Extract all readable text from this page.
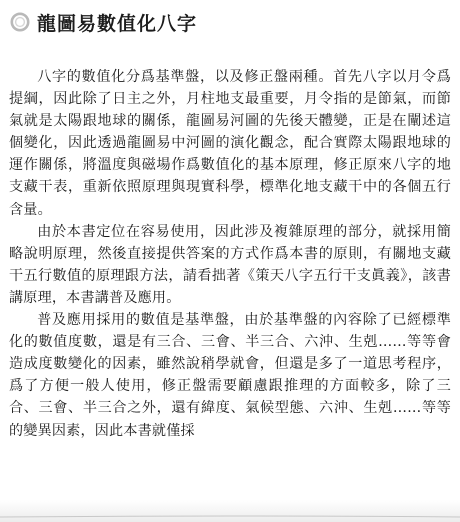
龍圖易數值化八字

八字的數值化分爲基準盤，以及修正盤兩種。首先八字以月令爲提綱，因此除了日主之外，月柱地支最重要，月令指的是節氣，而節氣就是太陽跟地球的關係，龍圖易河圖的先後天體變，正是在闡述這個變化，因此透過龍圖易中河圖的演化觀念，配合實際太陽跟地球的運作關係，將溫度與磁場作爲數值化的基本原理，修正原來八字的地支藏干表，重新依照原理與現實科學，標準化地支藏干中的各個五行含量。

由於本書定位在容易使用，因此涉及複雜原理的部分，就採用簡略說明原理，然後直接提供答案的方式作爲本書的原則，有關地支藏干五行數值的原理跟方法，請看拙著《策天八字五行干支眞義》，該書講原理，本書講普及應用。

普及應用採用的數值是基準盤，由於基準盤的內容除了已經標準化的數值度數，還是有三合、三會、半三合、六沖、生剋……等等會造成度數變化的因素，雖然說稍學就會，但還是多了一道思考程序，爲了方便一般人使用，修正盤需要顧慮跟推理的方面較多，除了三合、三會、半三合之外，還有緯度、氣候型態、六沖、生剋……等等的變異因素，因此本書就僅採
